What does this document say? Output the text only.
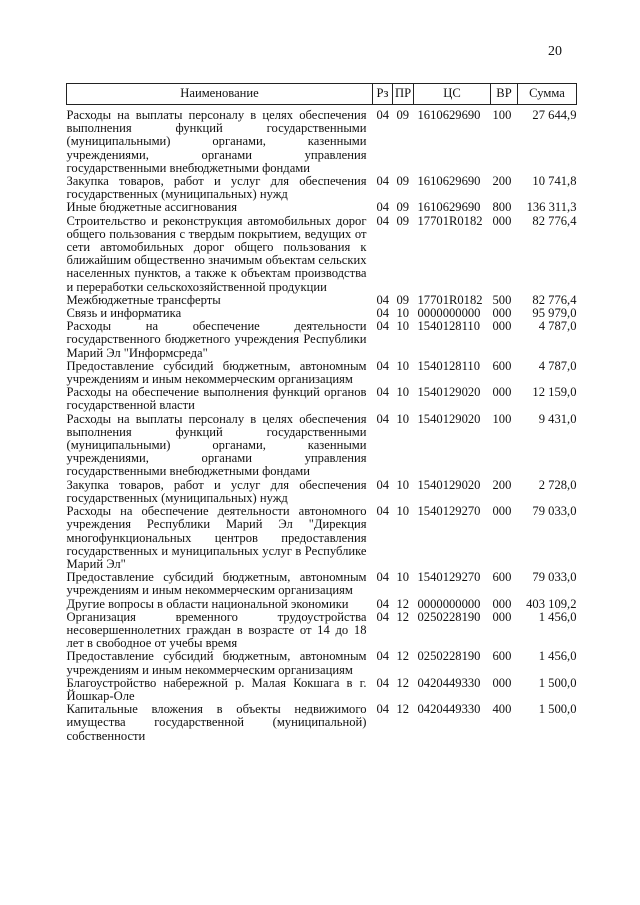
20
Наименование	Рз	ПР	ЦС	ВР	Сумма
Расходы на выплаты персоналу в целях обеспечения выполнения функций государственными (муниципальными) органами, казенными учреждениями, органами управления государственными внебюджетными фондами	04	09	1610629690	100	27 644,9
Закупка товаров, работ и услуг для обеспечения государственных (муниципальных) нужд	04	09	1610629690	200	10 741,8
Иные бюджетные ассигнования	04	09	1610629690	800	136 311,3
Строительство и реконструкция автомобильных дорог общего пользования с твердым покрытием, ведущих от сети автомобильных дорог общего пользования к ближайшим общественно значимым объектам сельских населенных пунктов, а также к объектам производства и переработки сельскохозяйственной продукции	04	09	17701R0182	000	82 776,4
Межбюджетные трансферты	04	09	17701R0182	500	82 776,4
Связь и информатика	04	10	0000000000	000	95 979,0
Расходы на обеспечение деятельности государственного бюджетного учреждения Республики Марий Эл "Информсреда"	04	10	1540128110	000	4 787,0
Предоставление субсидий бюджетным, автономным учреждениям и иным некоммерческим организациям	04	10	1540128110	600	4 787,0
Расходы на обеспечение выполнения функций органов государственной власти	04	10	1540129020	000	12 159,0
Расходы на выплаты персоналу в целях обеспечения выполнения функций государственными (муниципальными) органами, казенными учреждениями, органами управления государственными внебюджетными фондами	04	10	1540129020	100	9 431,0
Закупка товаров, работ и услуг для обеспечения государственных (муниципальных) нужд	04	10	1540129020	200	2 728,0
Расходы на обеспечение деятельности автономного учреждения Республики Марий Эл "Дирекция многофункциональных центров предоставления государственных и муниципальных услуг в Республике Марий Эл"	04	10	1540129270	000	79 033,0
Предоставление субсидий бюджетным, автономным учреждениям и иным некоммерческим организациям	04	10	1540129270	600	79 033,0
Другие вопросы в области национальной экономики	04	12	0000000000	000	403 109,2
Организация временного трудоустройства несовершеннолетних граждан в возрасте от 14 до 18 лет в свободное от учебы время	04	12	0250228190	000	1 456,0
Предоставление субсидий бюджетным, автономным учреждениям и иным некоммерческим организациям	04	12	0250228190	600	1 456,0
Благоустройство набережной р. Малая Кокшага в г. Йошкар-Оле	04	12	0420449330	000	1 500,0
Капитальные вложения в объекты недвижимого имущества государственной (муниципальной) собственности	04	12	0420449330	400	1 500,0
